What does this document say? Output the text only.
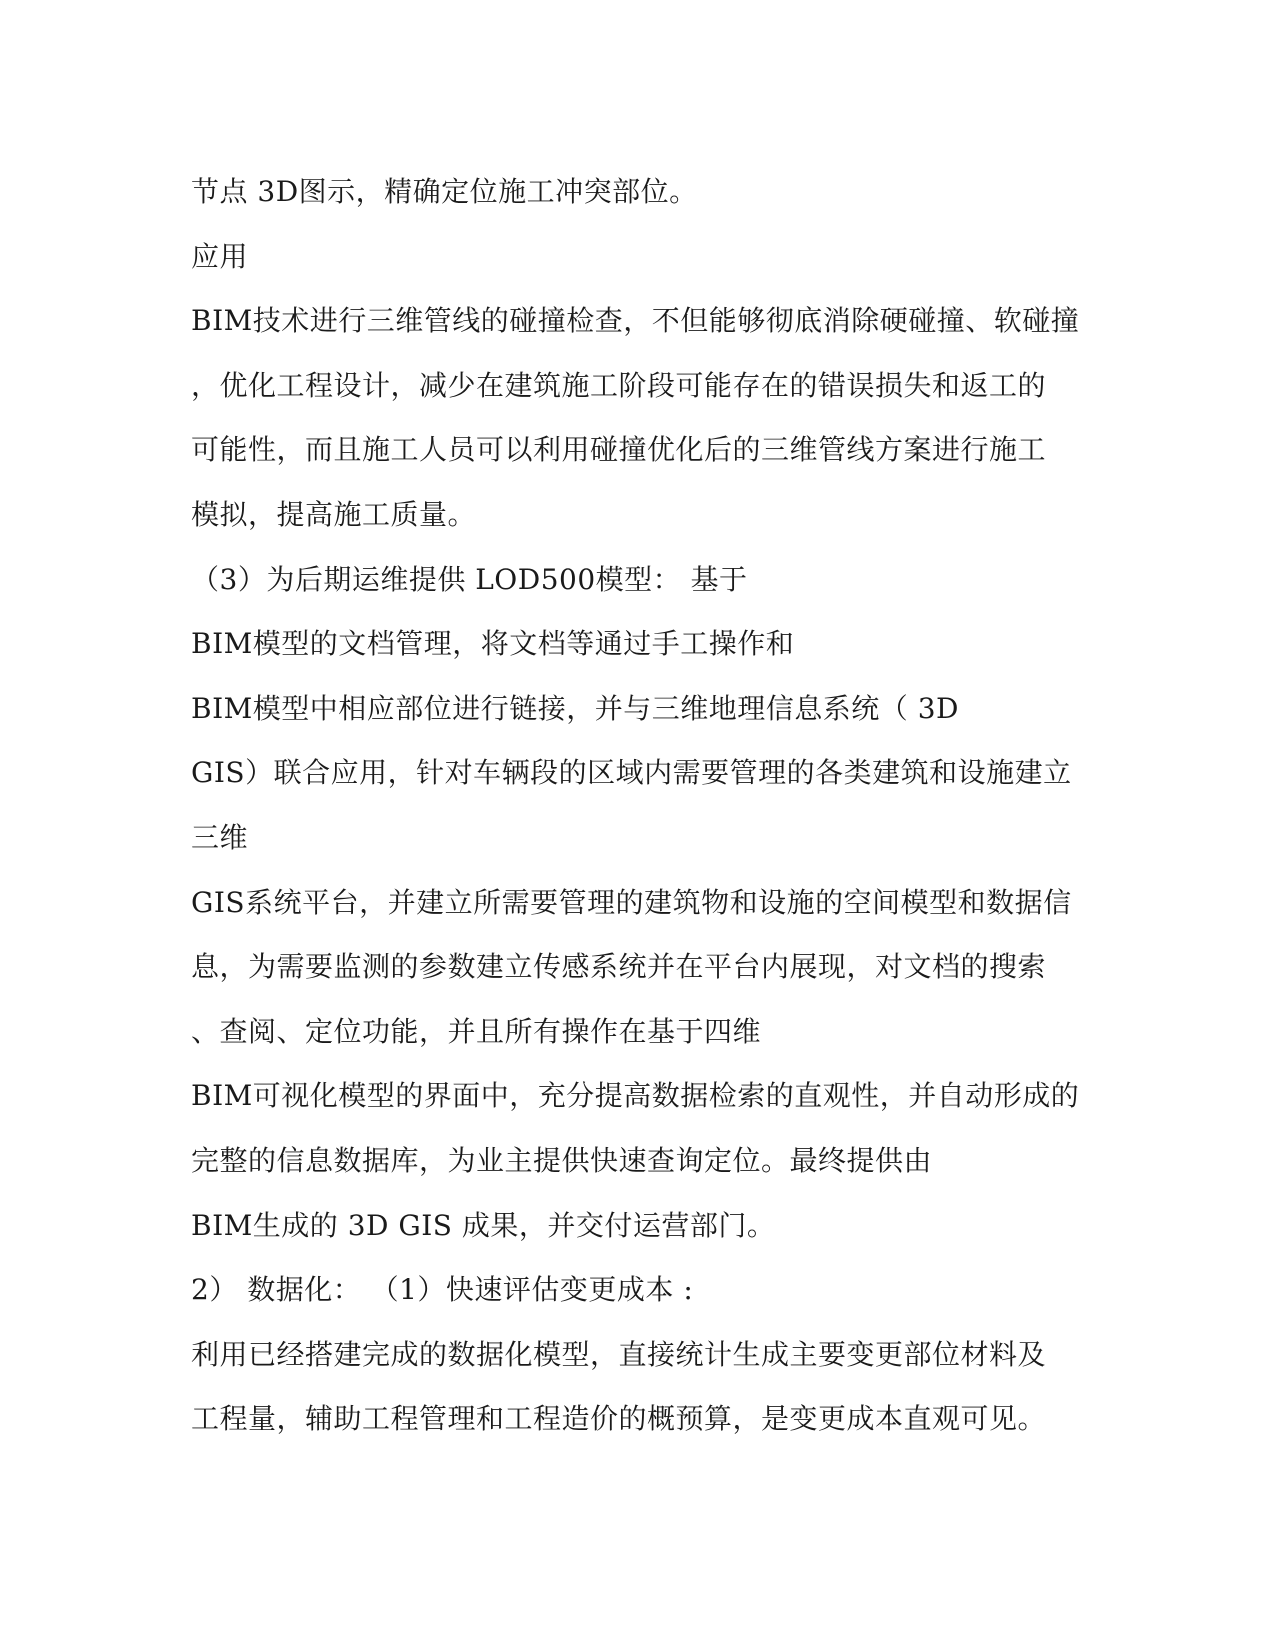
节点 3D图示，精确定位施工冲突部位。
应用
BIM技术进行三维管线的碰撞检查，不但能够彻底消除硬碰撞、软碰撞
，优化工程设计，减少在建筑施工阶段可能存在的错误损失和返工的
可能性，而且施工人员可以利用碰撞优化后的三维管线方案进行施工
模拟，提高施工质量。
（3）为后期运维提供 LOD500模型： 基于
BIM模型的文档管理，将文档等通过手工操作和
BIM模型中相应部位进行链接，并与三维地理信息系统（ 3D
GIS）联合应用，针对车辆段的区域内需要管理的各类建筑和设施建立
三维
GIS系统平台，并建立所需要管理的建筑物和设施的空间模型和数据信
息，为需要监测的参数建立传感系统并在平台内展现，对文档的搜索
、查阅、定位功能，并且所有操作在基于四维
BIM可视化模型的界面中，充分提高数据检索的直观性，并自动形成的
完整的信息数据库，为业主提供快速查询定位。最终提供由
BIM生成的 3D GIS 成果，并交付运营部门。
2） 数据化： （1）快速评估变更成本 :
利用已经搭建完成的数据化模型，直接统计生成主要变更部位材料及
工程量，辅助工程管理和工程造价的概预算，是变更成本直观可见。
